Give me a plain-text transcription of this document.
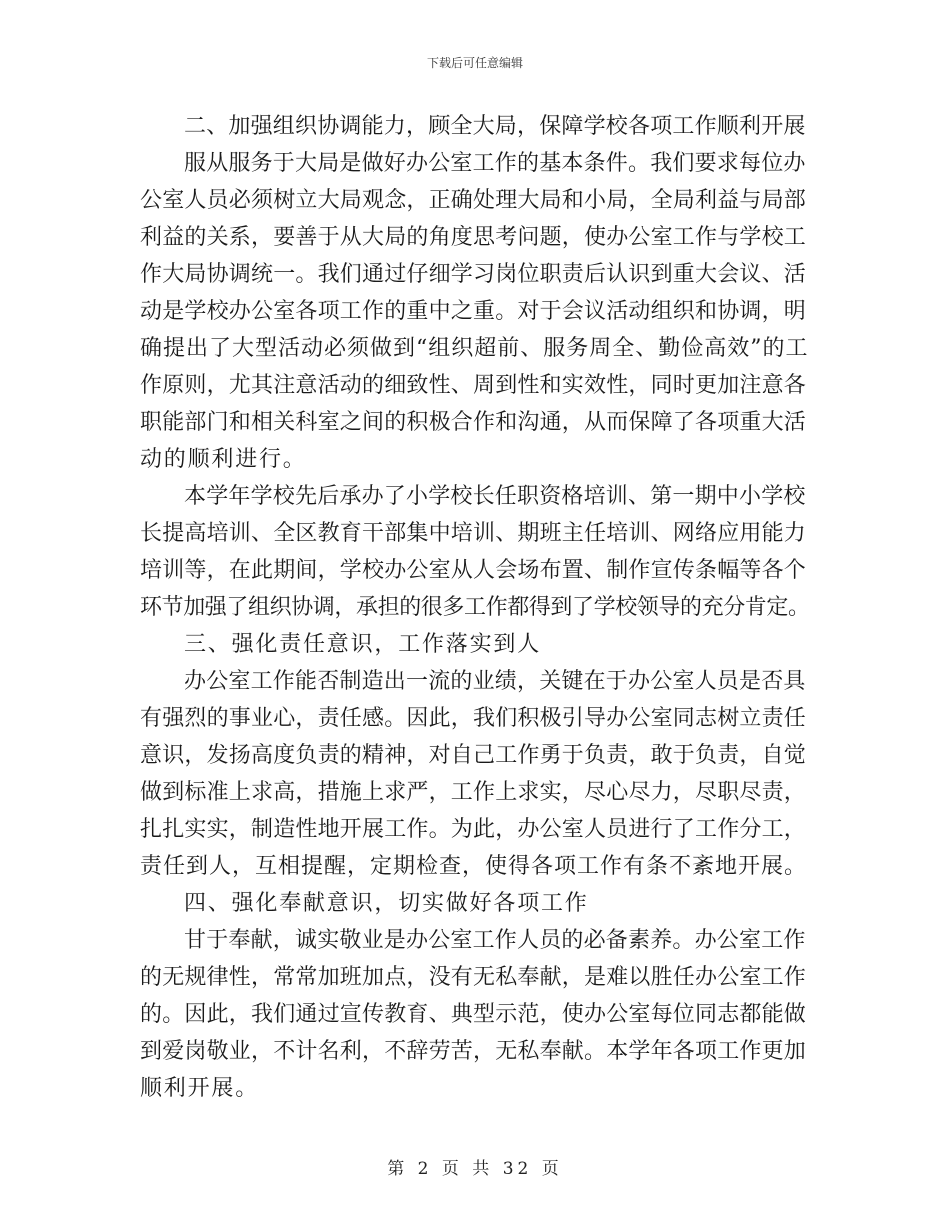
下载后可任意编辑
二、加强组织协调能力，顾全大局，保障学校各项工作顺利开展
服从服务于大局是做好办公室工作的基本条件。我们要求每位办
公室人员必须树立大局观念，正确处理大局和小局，全局利益与局部
利益的关系，要善于从大局的角度思考问题，使办公室工作与学校工
作大局协调统一。我们通过仔细学习岗位职责后认识到重大会议、活
动是学校办公室各项工作的重中之重。对于会议活动组织和协调，明
确提出了大型活动必须做到“组织超前、服务周全、勤俭高效”的工
作原则，尤其注意活动的细致性、周到性和实效性，同时更加注意各
职能部门和相关科室之间的积极合作和沟通，从而保障了各项重大活
动的顺利进行。
本学年学校先后承办了小学校长任职资格培训、第一期中小学校
长提高培训、全区教育干部集中培训、期班主任培训、网络应用能力
培训等，在此期间，学校办公室从人会场布置、制作宣传条幅等各个
环节加强了组织协调，承担的很多工作都得到了学校领导的充分肯定。
三、强化责任意识，工作落实到人
办公室工作能否制造出一流的业绩，关键在于办公室人员是否具
有强烈的事业心，责任感。因此，我们积极引导办公室同志树立责任
意识，发扬高度负责的精神，对自己工作勇于负责，敢于负责，自觉
做到标准上求高，措施上求严，工作上求实，尽心尽力，尽职尽责，
扎扎实实，制造性地开展工作。为此，办公室人员进行了工作分工，
责任到人，互相提醒，定期检查，使得各项工作有条不紊地开展。
四、强化奉献意识，切实做好各项工作
甘于奉献，诚实敬业是办公室工作人员的必备素养。办公室工作
的无规律性，常常加班加点，没有无私奉献，是难以胜任办公室工作
的。因此，我们通过宣传教育、典型示范，使办公室每位同志都能做
到爱岗敬业，不计名利，不辞劳苦，无私奉献。本学年各项工作更加
顺利开展。
第 2 页 共 32 页
